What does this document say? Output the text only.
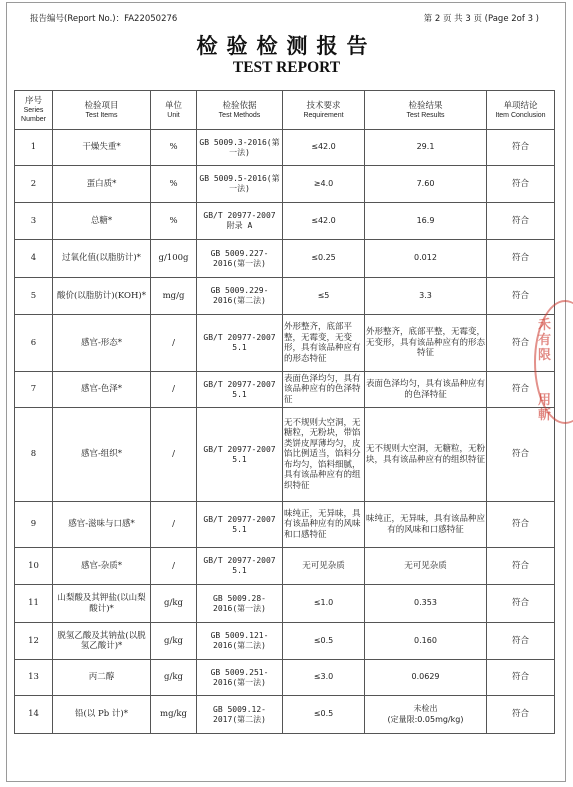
报告编号(Report No.)：FA22050276	第 2 页 共 3 页 (Page 2of 3 )
检验检测报告
TEST REPORT
序号
Series Number	检验项目
Test Items	单位
Unit	检验依据
Test Methods	技术要求
Requirement	检验结果
Test Results	单项结论
Item Conclusion

1	干燥失重*	%	GB 5009.3-2016(第一法)	≤42.0	29.1	符合
2	蛋白质*	%	GB 5009.5-2016(第一法)	≥4.0	7.60	符合
3	总糖*	%	GB/T 20977-2007 附录 A	≤42.0	16.9	符合
4	过氧化值(以脂肪计)*	g/100g	GB 5009.227-2016(第一法)	≤0.25	0.012	符合
5	酸价(以脂肪计)(KOH)*	mg/g	GB 5009.229-2016(第二法)	≤5	3.3	符合
6	感官-形态*	/	GB/T 20977-2007 5.1	外形整齐，底部平整，无霉变，无变形，具有该品种应有的形态特征	外形整齐，底部平整，无霉变，无变形，具有该品种应有的形态特征	符合
7	感官-色泽*	/	GB/T 20977-2007 5.1	表面色泽均匀，具有该品种应有的色泽特征	表面色泽均匀，具有该品种应有的色泽特征	符合
8	感官-组织*	/	GB/T 20977-2007 5.1	无不规则大空洞，无糖粒，无粉块，带馅类饼皮厚薄均匀，皮馅比例适当，馅料分布均匀，馅料细腻，具有该品种应有的组织特征	无不规则大空洞，无糖粒，无粉块，具有该品种应有的组织特征	符合
9	感官-滋味与口感*	/	GB/T 20977-2007 5.1	味纯正，无异味，具有该品种应有的风味和口感特征	味纯正，无异味，具有该品种应有的风味和口感特征	符合
10	感官-杂质*	/	GB/T 20977-2007 5.1	无可见杂质	无可见杂质	符合
11	山梨酸及其钾盐(以山梨酸计)*	g/kg	GB 5009.28-2016(第一法)	≤1.0	0.353	符合
12	脱氢乙酸及其钠盐(以脱氢乙酸计)*	g/kg	GB 5009.121-2016(第二法)	≤0.5	0.160	符合
13	丙二醇	g/kg	GB 5009.251-2016(第一法)	≤3.0	0.0629	符合
14	铅(以 Pb 计)*	mg/kg	GB 5009.12-2017(第二法)	≤0.5	未检出
(定量限:0.05mg/kg)	符合
禾
有
限

用
斬
